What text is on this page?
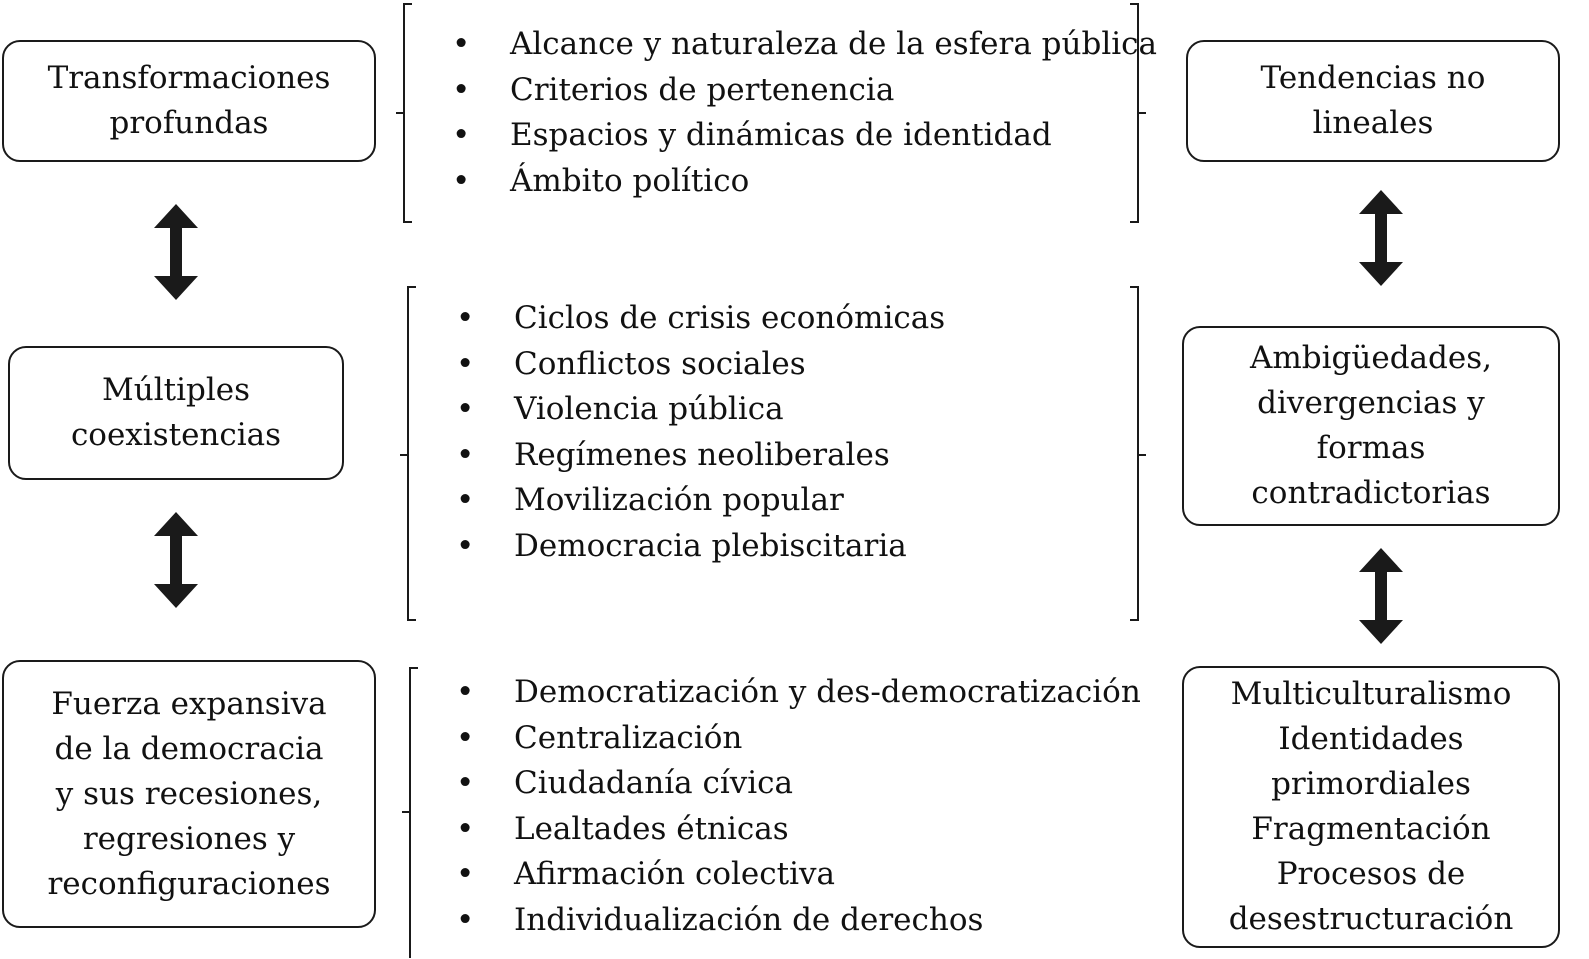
Transformaciones
profundas
Múltiples
coexistencias
Fuerza expansiva
de la democracia
y sus recesiones,
regresiones y
reconfiguraciones
Tendencias no
lineales
Ambigüedades,
divergencias y
formas
contradictorias
Multiculturalismo
Identidades
primordiales
Fragmentación
Procesos de
desestructuración
• Alcance y naturaleza de la esfera pública
• Criterios de pertenencia
• Espacios y dinámicas de identidad
• Ámbito político
• Ciclos de crisis económicas
• Conflictos sociales
• Violencia pública
• Regímenes neoliberales
• Movilización popular
• Democracia plebiscitaria
• Democratización y des-democratización
• Centralización
• Ciudadanía cívica
• Lealtades étnicas
• Afirmación colectiva
• Individualización de derechos
